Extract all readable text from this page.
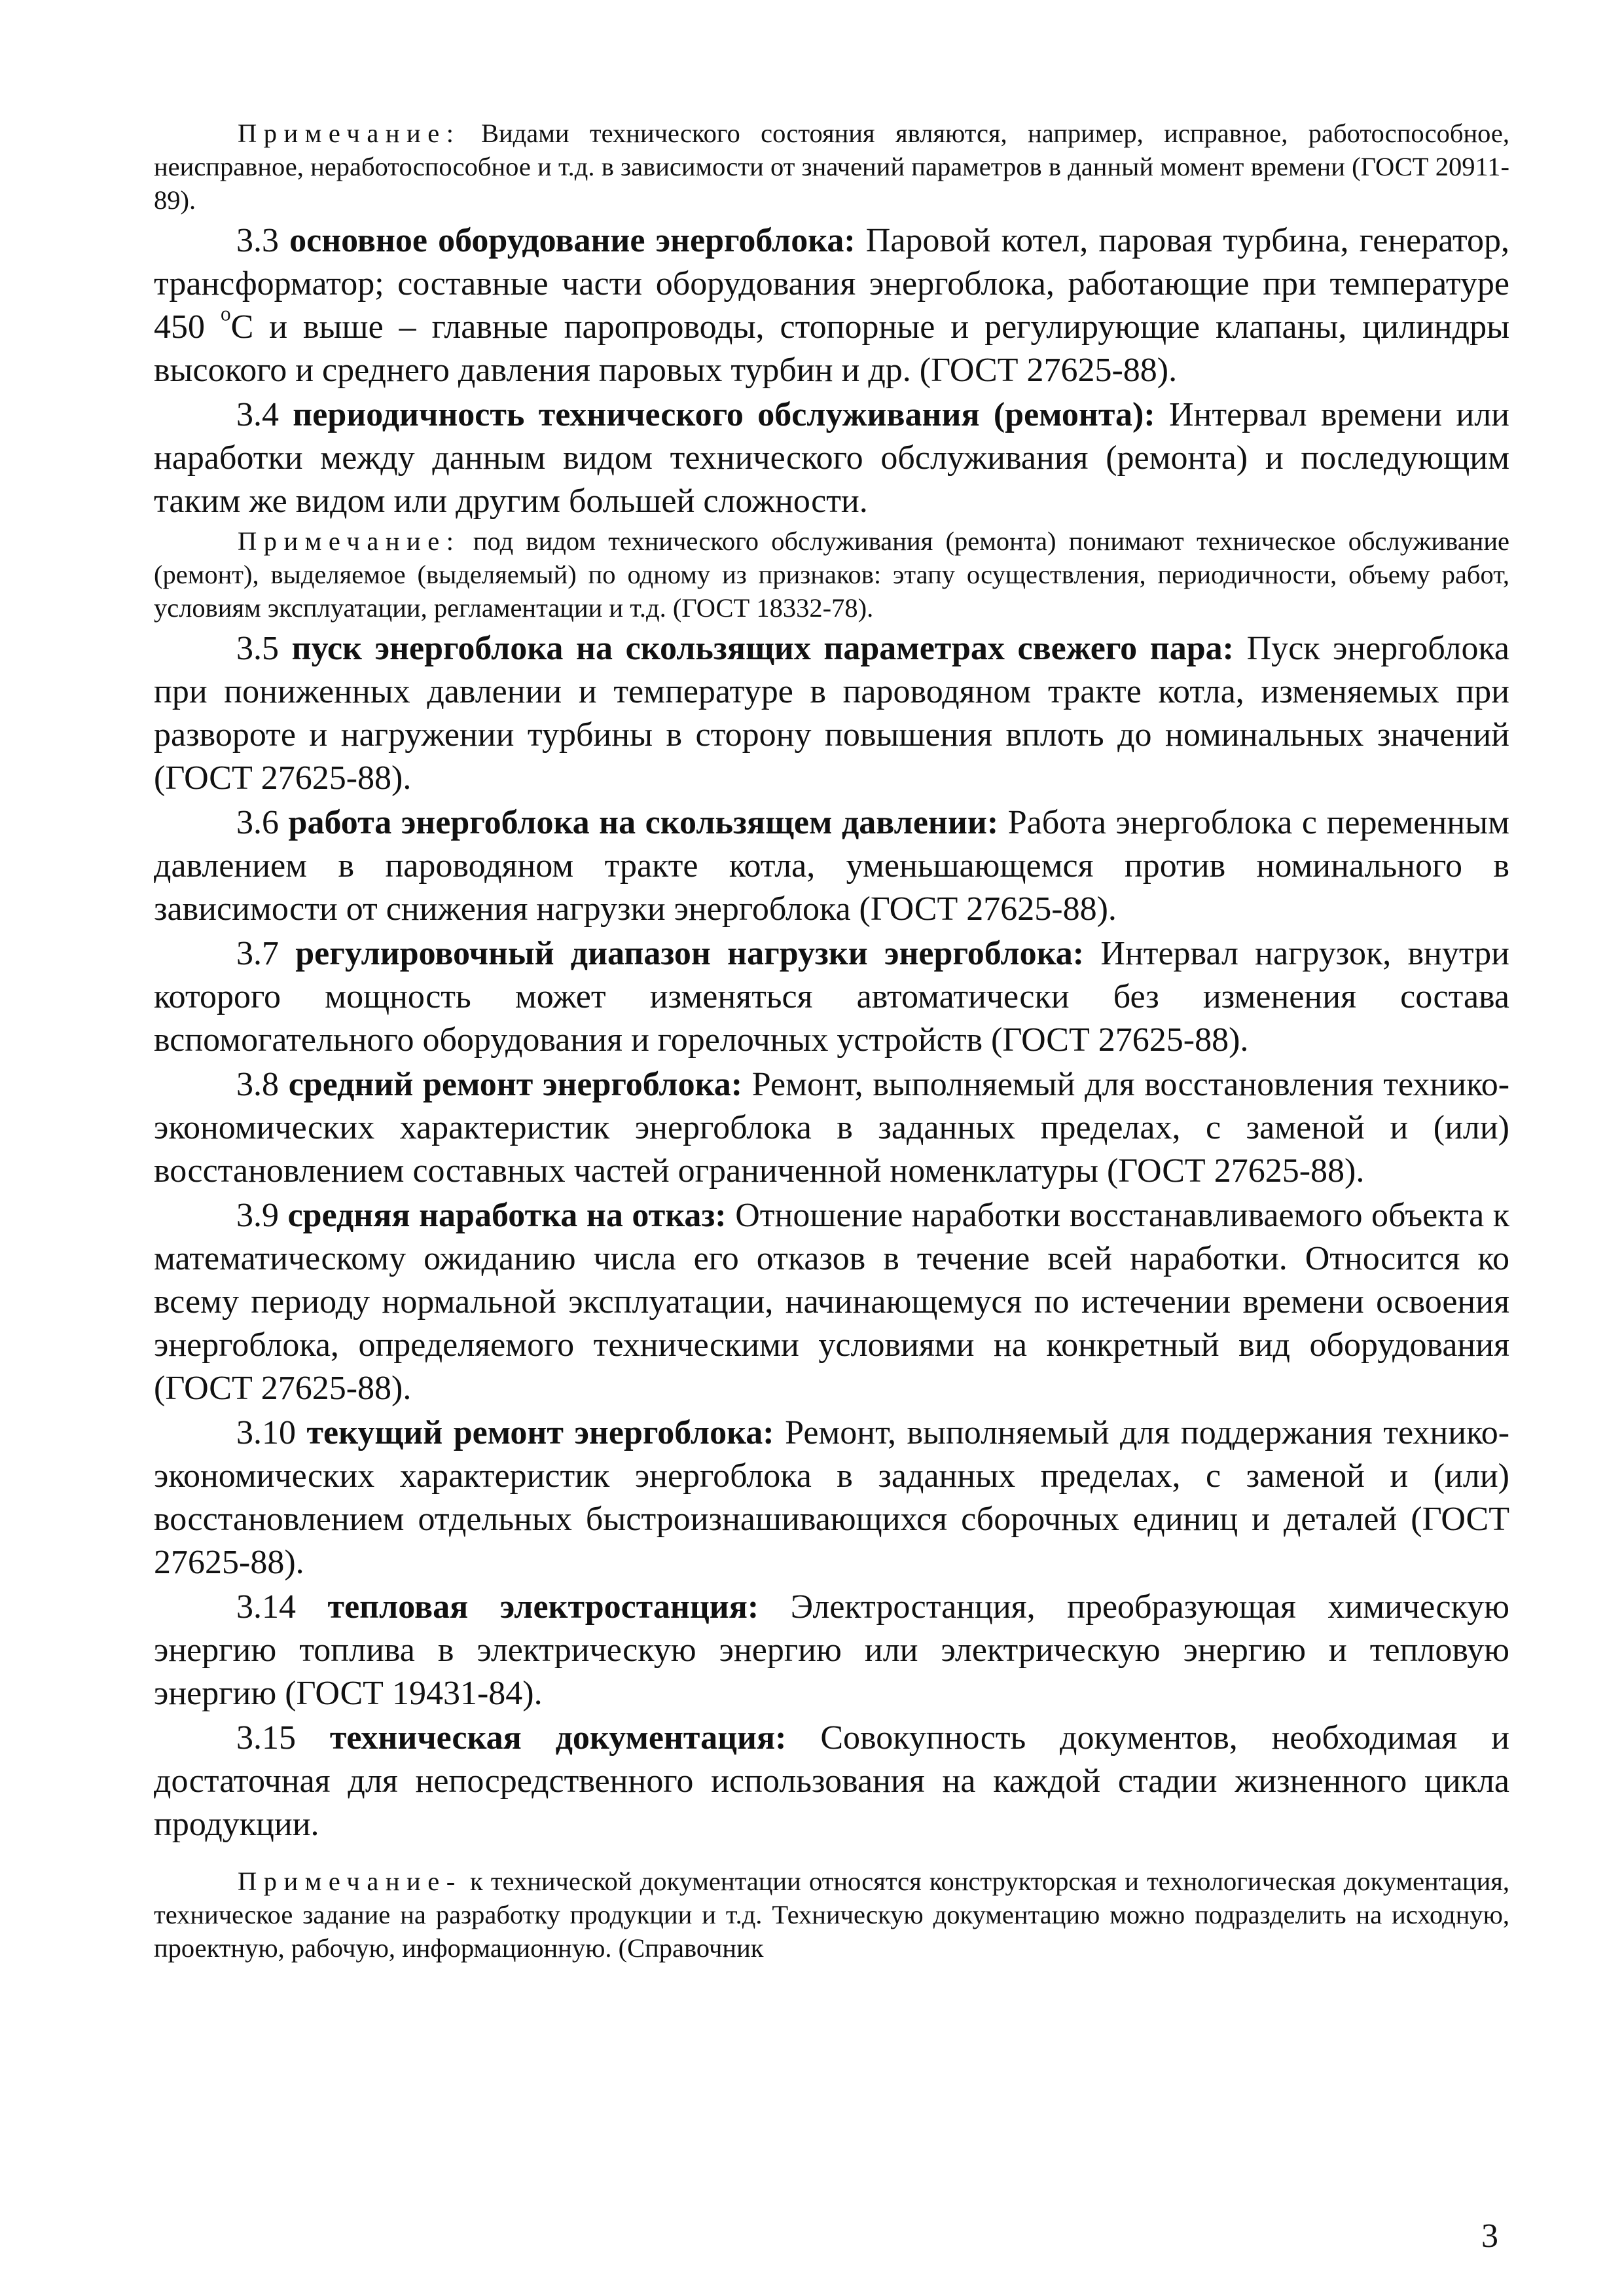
Примечание: Видами технического состояния являются, например, исправное, работоспособное, неисправное, неработоспособное и т.д. в зависимости от значений параметров в данный момент времени (ГОСТ 20911-89).

3.3 основное оборудование энергоблока: Паровой котел, паровая турбина, генератор, трансформатор; составные части оборудования энергоблока, работающие при температуре 450 $^о$С и выше – главные паропроводы, стопорные и регулирующие клапаны, цилиндры высокого и среднего давления паровых турбин и др. (ГОСТ 27625-88).

3.4 периодичность технического обслуживания (ремонта): Интервал времени или наработки между данным видом технического обслуживания (ремонта) и последующим таким же видом или другим большей сложности.

Примечание: под видом технического обслуживания (ремонта) понимают техническое обслуживание (ремонт), выделяемое (выделяемый) по одному из признаков: этапу осуществления, периодичности, объему работ, условиям эксплуатации, регламентации и т.д. (ГОСТ 18332-78).

3.5 пуск энергоблока на скользящих параметрах свежего пара: Пуск энергоблока при пониженных давлении и температуре в пароводяном тракте котла, изменяемых при развороте и нагружении турбины в сторону повышения вплоть до номинальных значений (ГОСТ 27625-88).

3.6 работа энергоблока на скользящем давлении: Работа энергоблока с переменным давлением в пароводяном тракте котла, уменьшающемся против номинального в зависимости от снижения нагрузки энергоблока (ГОСТ 27625-88).

3.7 регулировочный диапазон нагрузки энергоблока: Интервал нагрузок, внутри которого мощность может изменяться автоматически без изменения состава вспомогательного оборудования и горелочных устройств (ГОСТ 27625-88).

3.8 средний ремонт энергоблока: Ремонт, выполняемый для восстановления технико-экономических характеристик энергоблока в заданных пределах, с заменой и (или) восстановлением составных частей ограниченной номенклатуры (ГОСТ 27625-88).

3.9 средняя наработка на отказ: Отношение наработки восстанавливаемого объекта к математическому ожиданию числа его отказов в течение всей наработки. Относится ко всему периоду нормальной эксплуатации, начинающемуся по истечении времени освоения энергоблока, определяемого техническими условиями на конкретный вид оборудования (ГОСТ 27625-88).

3.10 текущий ремонт энергоблока: Ремонт, выполняемый для поддержания технико-экономических характеристик энергоблока в заданных пределах, с заменой и (или) восстановлением отдельных быстроизнашивающихся сборочных единиц и деталей (ГОСТ 27625-88).

3.14 тепловая электростанция: Электростанция, преобразующая химическую энергию топлива в электрическую энергию или электрическую энергию и тепловую энергию (ГОСТ 19431-84).

3.15 техническая документация: Совокупность документов, необходимая и достаточная для непосредственного использования на каждой стадии жизненного цикла продукции.

Примечание- к технической документации относятся конструкторская и технологическая документация, техническое задание на разработку продукции и т.д. Техническую документацию можно подразделить на исходную, проектную, рабочую, информационную. (Справочник

3
